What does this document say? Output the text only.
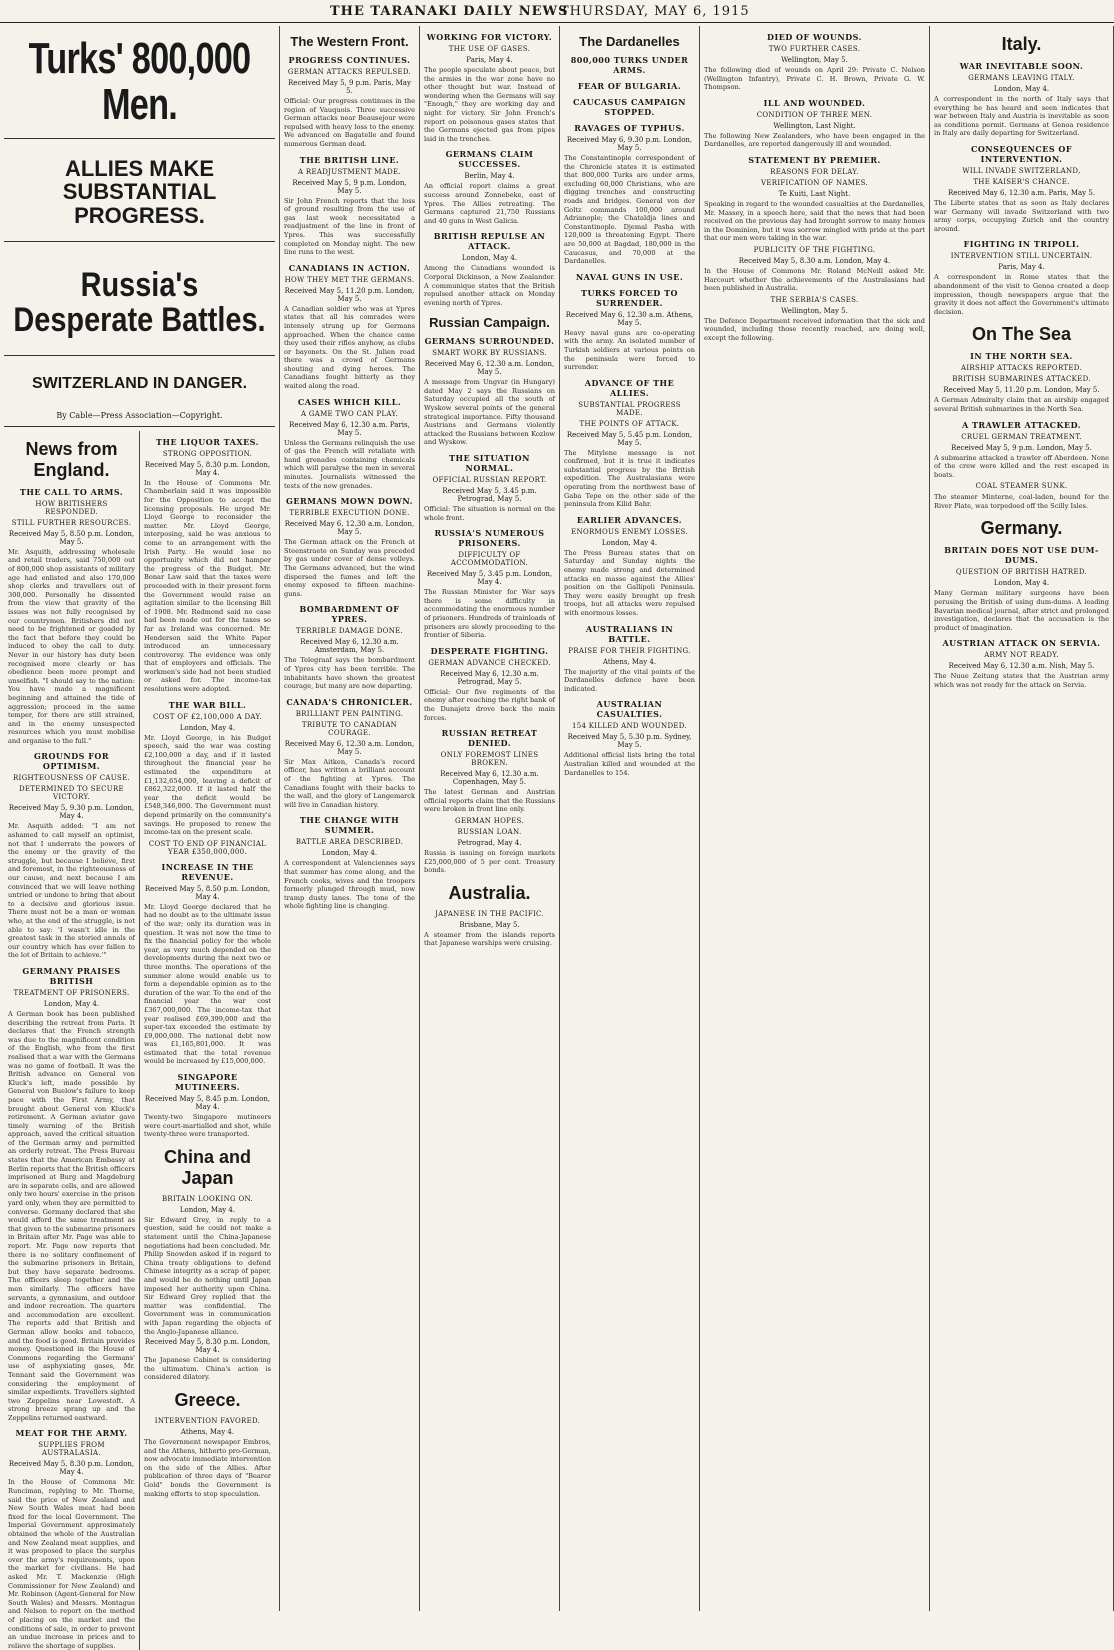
THE TARANAKI DAILY NEWS
THURSDAY, MAY 6, 1915
Turks' 800,000 Men.
ALLIES MAKE SUBSTANTIAL PROGRESS.
Russia's Desperate Battles.
SWITZERLAND IN DANGER.
By Cable—Press Association—Copyright.
News from England.
THE CALL TO ARMS.
HOW BRITISHERS RESPONDED.
STILL FURTHER RESOURCES.
Received May 5, 8.50 p.m. London, May 5.
Mr. Asquith, addressing wholesale and retail traders, said 750,000 out of 800,000 shop assistants of military age had enlisted and also 170,000 shop clerks and travellers out of 300,000. Personally he dissented from the view that gravity of the issues was not fully recognised by our countrymen. Britishers did not need to be frightened or goaded by the fact that before they could be induced to obey the call to duty. Never in our history has duty been recognised more clearly or has obedience been more prompt and unselfish. "I should say to the nation: You have made a magnificent beginning and attained the tide of aggression; proceed in the same temper, for there are still strained, and in the enemy unsuspected resources which you must mobilise and organise to the full."
GROUNDS FOR OPTIMISM.
RIGHTEOUSNESS OF CAUSE.
DETERMINED TO SECURE VICTORY.
Received May 5, 9.30 p.m. London, May 4.
Mr. Asquith added: "I am not ashamed to call myself an optimist, not that I underrate the powers of the enemy or the gravity of the struggle, but because I believe, first and foremost, in the righteousness of our cause, and next because I am convinced that we will leave nothing untried or undone to bring that about to a decisive and glorious issue. There must not be a man or woman who, at the end of the struggle, is not able to say: 'I wasn't idle in the greatest task in the storied annals of our country which has ever fallen to the lot of Britain to achieve.'"
GERMANY PRAISES BRITISH
TREATMENT OF PRISONERS.
London, May 4.
A German book has been published describing the retreat from Paris. It declares that the French strength was due to the magnificent condition of the English, who from the first realised that a war with the Germans was no game of football. It was the British advance on General von Kluck's left, made possible by General von Buelow's failure to keep pace with the First Army, that brought about General von Kluck's retirement. A German aviator gave timely warning of the British approach, saved the critical situation of the German army and permitted an orderly retreat. The Press Bureau states that the American Embassy at Berlin reports that the British officers imprisoned at Burg and Magdeburg are in separate cells, and are allowed only two hours' exercise in the prison yard only, when they are permitted to converse. Germany declared that she would afford the same treatment as that given to the submarine prisoners in Britain after Mr. Page was able to report. Mr. Page now reports that there is no solitary confinement of the submarine prisoners in Britain, but they have separate bedrooms. The officers sleep together and the men similarly. The officers have servants, a gymnasium, and outdoor and indoor recreation. The quarters and accommodation are excellent. The reports add that British and German allow books and tobacco, and the food is good. Britain provides money. Questioned in the House of Commons regarding the Germans' use of asphyxiating gases, Mr. Tennant said the Government was considering the employment of similar expedients. Travellers sighted two Zeppelins near Lowestoft. A strong breeze sprang up and the Zeppelins returned eastward.
MEAT FOR THE ARMY.
SUPPLIES FROM AUSTRALASIA.
Received May 5, 8.30 p.m. London, May 4.
In the House of Commons Mr. Runciman, replying to Mr. Thorne, said the price of New Zealand and New South Wales meat had been fixed for the local Government. The Imperial Government approximately obtained the whole of the Australian and New Zealand meat supplies, and it was proposed to place the surplus over the army's requirements, upon the market for civilians. He had asked Mr. T. Mackenzie (High Commissioner for New Zealand) and Mr. Robinson (Agent-General for New South Wales) and Messrs. Montague and Nelson to report on the method of placing on the market and the conditions of sale, in order to prevent an undue increase in prices and to relieve the shortage of supplies.
THE LIQUOR TAXES.
STRONG OPPOSITION.
Received May 5, 8.30 p.m. London, May 4.
In the House of Commons Mr. Chamberlain said it was impossible for the Opposition to accept the licensing proposals. He urged Mr. Lloyd George to reconsider the matter. Mr. Lloyd George, interposing, said he was anxious to come to an arrangement with the Irish Party. He would lose no opportunity which did not hamper the progress of the Budget. Mr. Bonar Law said that the taxes were proceeded with in their present form the Government would raise an agitation similar to the licensing Bill of 1908. Mr. Redmond said no case had been made out for the taxes so far as Ireland was concerned. Mr. Henderson said the White Paper introduced an unnecessary controversy. The evidence was only that of employers and officials. The workmen's side had not been studied or asked for. The income-tax resolutions were adopted.
THE WAR BILL.
COST OF £2,100,000 A DAY.
London, May 4.
Mr. Lloyd George, in his Budget speech, said the war was costing £2,100,000 a day, and if it lasted throughout the financial year he estimated the expenditure at £1,132,654,000, leaving a deficit of £862,322,000. If it lasted half the year the deficit would be £548,346,000. The Government must depend primarily on the community's savings. He proposed to renew the income-tax on the present scale.
COST TO END OF FINANCIAL YEAR £350,000,000.
INCREASE IN THE REVENUE.
Received May 5, 8.50 p.m. London, May 4.
Mr. Lloyd George declared that he had no doubt as to the ultimate issue of the war; only its duration was in question. It was not now the time to fix the financial policy for the whole year, as very much depended on the developments during the next two or three months. The operations of the summer alone would enable us to form a dependable opinion as to the duration of the war. To the end of the financial year the war cost £367,000,000. The income-tax that year realised £69,399,000 and the super-tax exceeded the estimate by £9,000,000. The national debt now was £1,165,801,000. It was estimated that the total revenue would be increased by £15,000,000.
SINGAPORE MUTINEERS.
Received May 5, 8.45 p.m. London, May 4.
Twenty-two Singapore mutineers were court-martialled and shot, while twenty-three were transported.
China and Japan
BRITAIN LOOKING ON.
London, May 4.
Sir Edward Grey, in reply to a question, said he could not make a statement until the China-Japanese negotiations had been concluded. Mr. Philip Snowden asked if in regard to China treaty obligations to defend Chinese integrity as a scrap of paper, and would he do nothing until Japan imposed her authority upon China. Sir Edward Grey replied that the matter was confidential. The Government was in communication with Japan regarding the objects of the Anglo-Japanese alliance.
Received May 5, 8.30 p.m. London, May 4.
The Japanese Cabinet is considering the ultimatum. China's action is considered dilatory.
Greece.
INTERVENTION FAVORED.
Athens, May 4.
The Government newspaper Embros, and the Athens, hitherto pro-German, now advocate immediate intervention on the side of the Allies. After publication of three days of "Bearer Gold" bonds the Government is making efforts to stop speculation.
The Western Front.
PROGRESS CONTINUES.
GERMAN ATTACKS REPULSED.
Received May 5, 9 p.m. Paris, May 5.
Official: Our progress continues in the region of Vauquois. Three successive German attacks near Beausejour were repulsed with heavy loss to the enemy. We advanced on Bagatelle and found numerous German dead.
THE BRITISH LINE.
A READJUSTMENT MADE.
Received May 5, 9 p.m. London, May 5.
Sir John French reports that the loss of ground resulting from the use of gas last week necessitated a readjustment of the line in front of Ypres. This was successfully completed on Monday night. The new line runs to the west.
CANADIANS IN ACTION.
HOW THEY MET THE GERMANS.
Received May 5, 11.20 p.m. London, May 5.
A Canadian soldier who was at Ypres states that all his comrades were intensely strung up for Germans approached. When the chance came they used their rifles anyhow, as clubs or bayonets. On the St. Julien road there was a crowd of Germans shouting and dying heroes. The Canadians fought bitterly as they waited along the road.
CASES WHICH KILL.
A GAME TWO CAN PLAY.
Received May 6, 12.30 a.m. Paris, May 5.
Unless the Germans relinquish the use of gas the French will retaliate with hand grenades containing chemicals which will paralyse the men in several minutes. Journalists witnessed the tests of the new grenades.
GERMANS MOWN DOWN.
TERRIBLE EXECUTION DONE.
Received May 6, 12.30 a.m. London, May 5.
The German attack on the French at Steenstraete on Sunday was preceded by gas under cover of dense volleys. The Germans advanced, but the wind dispersed the fumes and left the enemy exposed to fifteen machine-guns.
BOMBARDMENT OF YPRES.
TERRIBLE DAMAGE DONE.
Received May 6, 12.30 a.m. Amsterdam, May 5.
The Telegraaf says the bombardment of Ypres city has been terrible. The inhabitants have shown the greatest courage, but many are now departing.
CANADA'S CHRONICLER.
BRILLIANT PEN PAINTING.
TRIBUTE TO CANADIAN COURAGE.
Received May 6, 12.30 a.m. London, May 5.
Sir Max Aitken, Canada's record officer, has written a brilliant account of the fighting at Ypres. The Canadians fought with their backs to the wall, and the glory of Langemarck will live in Canadian history.
THE CHANGE WITH SUMMER.
BATTLE AREA DESCRIBED.
London, May 4.
A correspondent at Valenciennes says that summer has come along, and the French cooks, wives and the troopers formerly plunged through mud, now tramp dusty lanes. The tone of the whole fighting line is changing.
WORKING FOR VICTORY.
THE USE OF GASES.
Paris, May 4.
The people speculate about peace, but the armies in the war zone have no other thought but war. Instead of wondering when the Germans will say "Enough," they are working day and night for victory. Sir John French's report on poisonous gases states that the Germans ejected gas from pipes laid in the trenches.
GERMANS CLAIM SUCCESSES.
Berlin, May 4.
An official report claims a great success around Zonnebeke, east of Ypres. The Allies retreating. The Germans captured 21,750 Russians and 40 guns in West Galicia.
BRITISH REPULSE AN ATTACK.
London, May 4.
Among the Canadians wounded is Corporal Dickinson, a New Zealander. A communique states that the British repulsed another attack on Monday evening north of Ypres.
Russian Campaign.
GERMANS SURROUNDED.
SMART WORK BY RUSSIANS.
Received May 6, 12.30 a.m. London, May 5.
A message from Ungvar (in Hungary) dated May 2 says the Russians on Saturday occupied all the south of Wyskow several points of the general strategical importance. Fifty thousand Austrians and Germans violently attacked the Russians between Kozlow and Wyskow.
THE SITUATION NORMAL.
OFFICIAL RUSSIAN REPORT.
Received May 5, 3.45 p.m. Petrograd, May 5.
Official: The situation is normal on the whole front.
RUSSIA'S NUMEROUS PRISONERS.
DIFFICULTY OF ACCOMMODATION.
Received May 5, 3.45 p.m. London, May 4.
The Russian Minister for War says there is some difficulty in accommodating the enormous number of prisoners. Hundreds of trainloads of prisoners are slowly proceeding to the frontier of Siberia.
DESPERATE FIGHTING.
GERMAN ADVANCE CHECKED.
Received May 6, 12.30 a.m. Petrograd, May 5.
Official: Our five regiments of the enemy after reaching the right bank of the Dunajetz drove back the main forces.
RUSSIAN RETREAT DENIED.
ONLY FOREMOST LINES BROKEN.
Received May 6, 12.30 a.m. Copenhagen, May 5.
The latest German and Austrian official reports claim that the Russians were broken in front line only.
GERMAN HOPES.
RUSSIAN LOAN.
Petrograd, May 4.
Russia is issuing on foreign markets £25,000,000 of 5 per cent. Treasury bonds.
Australia.
JAPANESE IN THE PACIFIC.
Brisbane, May 5.
A steamer from the islands reports that Japanese warships were cruising.
The Dardanelles
800,000 TURKS UNDER ARMS.
FEAR OF BULGARIA.
CAUCASUS CAMPAIGN STOPPED.
RAVAGES OF TYPHUS.
Received May 6, 9.30 p.m. London, May 5.
The Constantinople correspondent of the Chronicle states it is estimated that 800,000 Turks are under arms, excluding 60,000 Christians, who are digging trenches and constructing roads and bridges. General von der Goltz commands 100,000 around Adrianople; the Chataldja lines and Constantinople. Djemal Pasha with 120,000 is threatening Egypt. There are 50,000 at Bagdad, 180,000 in the Caucasus, and 70,000 at the Dardanelles.
NAVAL GUNS IN USE.
TURKS FORCED TO SURRENDER.
Received May 6, 12.30 a.m. Athens, May 5.
Heavy naval guns are co-operating with the army. An isolated number of Turkish soldiers at various points on the peninsula were forced to surrender.
ADVANCE OF THE ALLIES.
SUBSTANTIAL PROGRESS MADE.
THE POINTS OF ATTACK.
Received May 5, 5.45 p.m. London, May 5.
The Mitylene message is not confirmed, but it is true it indicates substantial progress by the British expedition. The Australasians were operating from the northwest base of Gaba Tepe on the other side of the peninsula from Kilid Bahr.
EARLIER ADVANCES.
ENORMOUS ENEMY LOSSES.
London, May 4.
The Press Bureau states that on Saturday and Sunday nights the enemy made strong and determined attacks en masse against the Allies' position on the Gallipoli Peninsula. They were easily brought up fresh troops, but all attacks were repulsed with enormous losses.
AUSTRALIANS IN BATTLE.
PRAISE FOR THEIR FIGHTING.
Athens, May 4.
The majority of the vital points of the Dardanelles defence have been indicated.
AUSTRALIAN CASUALTIES.
154 KILLED AND WOUNDED.
Received May 5, 5.30 p.m. Sydney, May 5.
Additional official lists bring the total Australian killed and wounded at the Dardanelles to 154.
DIED OF WOUNDS.
TWO FURTHER CASES.
Wellington, May 5.
The following died of wounds on April 29: Private C. Nelson (Wellington Infantry), Private C. H. Brown, Private G. W. Thompson.
ILL AND WOUNDED.
CONDITION OF THREE MEN.
Wellington, Last Night.
The following New Zealanders, who have been engaged in the Dardanelles, are reported dangerously ill and wounded.
STATEMENT BY PREMIER.
REASONS FOR DELAY.
VERIFICATION OF NAMES.
Te Kuiti, Last Night.
Speaking in regard to the wounded casualties at the Dardanelles, Mr. Massey, in a speech here, said that the news that had been received on the previous day had brought sorrow to many homes in the Dominion, but it was sorrow mingled with pride at the part that our men were taking in the war.
PUBLICITY OF THE FIGHTING.
Received May 5, 8.30 a.m. London, May 4.
In the House of Commons Mr. Roland McNeill asked Mr. Harcourt whether the achievements of the Australasians had been published in Australia.
THE SERBIA'S CASES.
Wellington, May 5.
The Defence Department received information that the sick and wounded, including those recently reached, are doing well, except the following.
Italy.
WAR INEVITABLE SOON.
GERMANS LEAVING ITALY.
London, May 4.
A correspondent in the north of Italy says that everything he has heard and seen indicates that war between Italy and Austria is inevitable as soon as conditions permit. Germans at Genoa residence in Italy are daily departing for Switzerland.
CONSEQUENCES OF INTERVENTION.
WILL INVADE SWITZERLAND,
THE KAISER'S CHANCE.
Received May 6, 12.30 a.m. Paris, May 5.
The Liberte states that as soon as Italy declares war Germany will invade Switzerland with two army corps, occupying Zurich and the country around.
FIGHTING IN TRIPOLI.
INTERVENTION STILL UNCERTAIN.
Paris, May 4.
A correspondent in Rome states that the abandonment of the visit to Genoa created a deep impression, though newspapers argue that the gravity it does not affect the Government's ultimate decision.
On The Sea
IN THE NORTH SEA.
AIRSHIP ATTACKS REPORTED.
BRITISH SUBMARINES ATTACKED.
Received May 5, 11.20 p.m. London, May 5.
A German Admiralty claim that an airship engaged several British submarines in the North Sea.
A TRAWLER ATTACKED.
CRUEL GERMAN TREATMENT.
Received May 5, 9 p.m. London, May 5.
A submarine attacked a trawler off Aberdeen. None of the crew were killed and the rest escaped in boats.
COAL STEAMER SUNK.
The steamer Minterne, coal-laden, bound for the River Plate, was torpedoed off the Scilly Isles.
Germany.
BRITAIN DOES NOT USE DUM-DUMS.
QUESTION OF BRITISH HATRED.
London, May 4.
Many German military surgeons have been perusing the British of using dum-dums. A leading Bavarian medical journal, after strict and prolonged investigation, declares that the accusation is the product of imagination.
AUSTRIAN ATTACK ON SERVIA.
ARMY NOT READY.
Received May 6, 12.30 a.m. Nish, May 5.
The Nuue Zeitung states that the Austrian army which was not ready for the attack on Servia.
